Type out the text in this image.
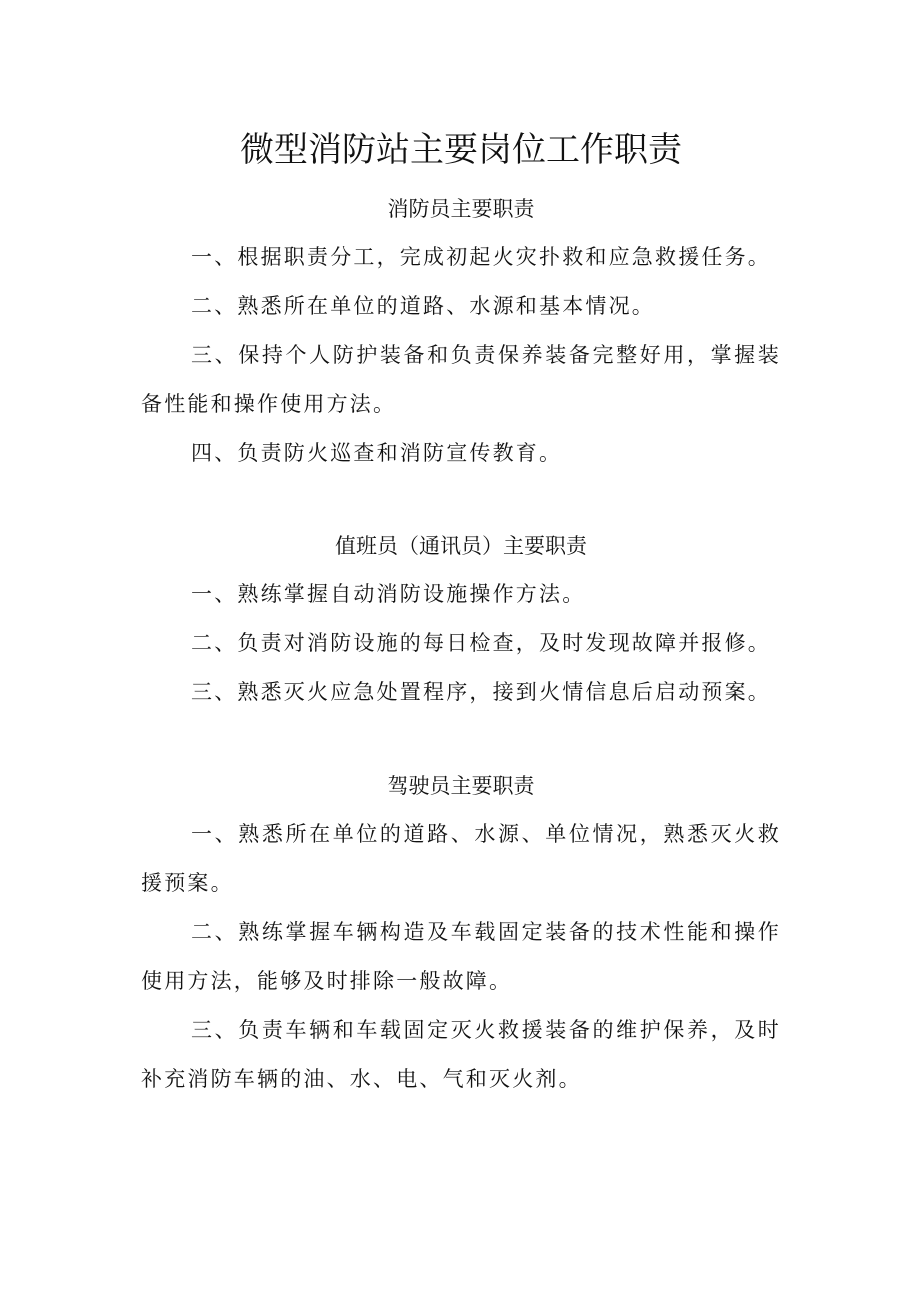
微型消防站主要岗位工作职责
消防员主要职责

一、根据职责分工，完成初起火灾扑救和应急救援任务。

二、熟悉所在单位的道路、水源和基本情况。

三、保持个人防护装备和负责保养装备完整好用，掌握装备性能和操作使用方法。

四、负责防火巡查和消防宣传教育。

值班员（通讯员）主要职责

一、熟练掌握自动消防设施操作方法。

二、负责对消防设施的每日检查，及时发现故障并报修。

三、熟悉灭火应急处置程序，接到火情信息后启动预案。

驾驶员主要职责

一、熟悉所在单位的道路、水源、单位情况，熟悉灭火救援预案。

二、熟练掌握车辆构造及车载固定装备的技术性能和操作使用方法，能够及时排除一般故障。

三、负责车辆和车载固定灭火救援装备的维护保养，及时补充消防车辆的油、水、电、气和灭火剂。
